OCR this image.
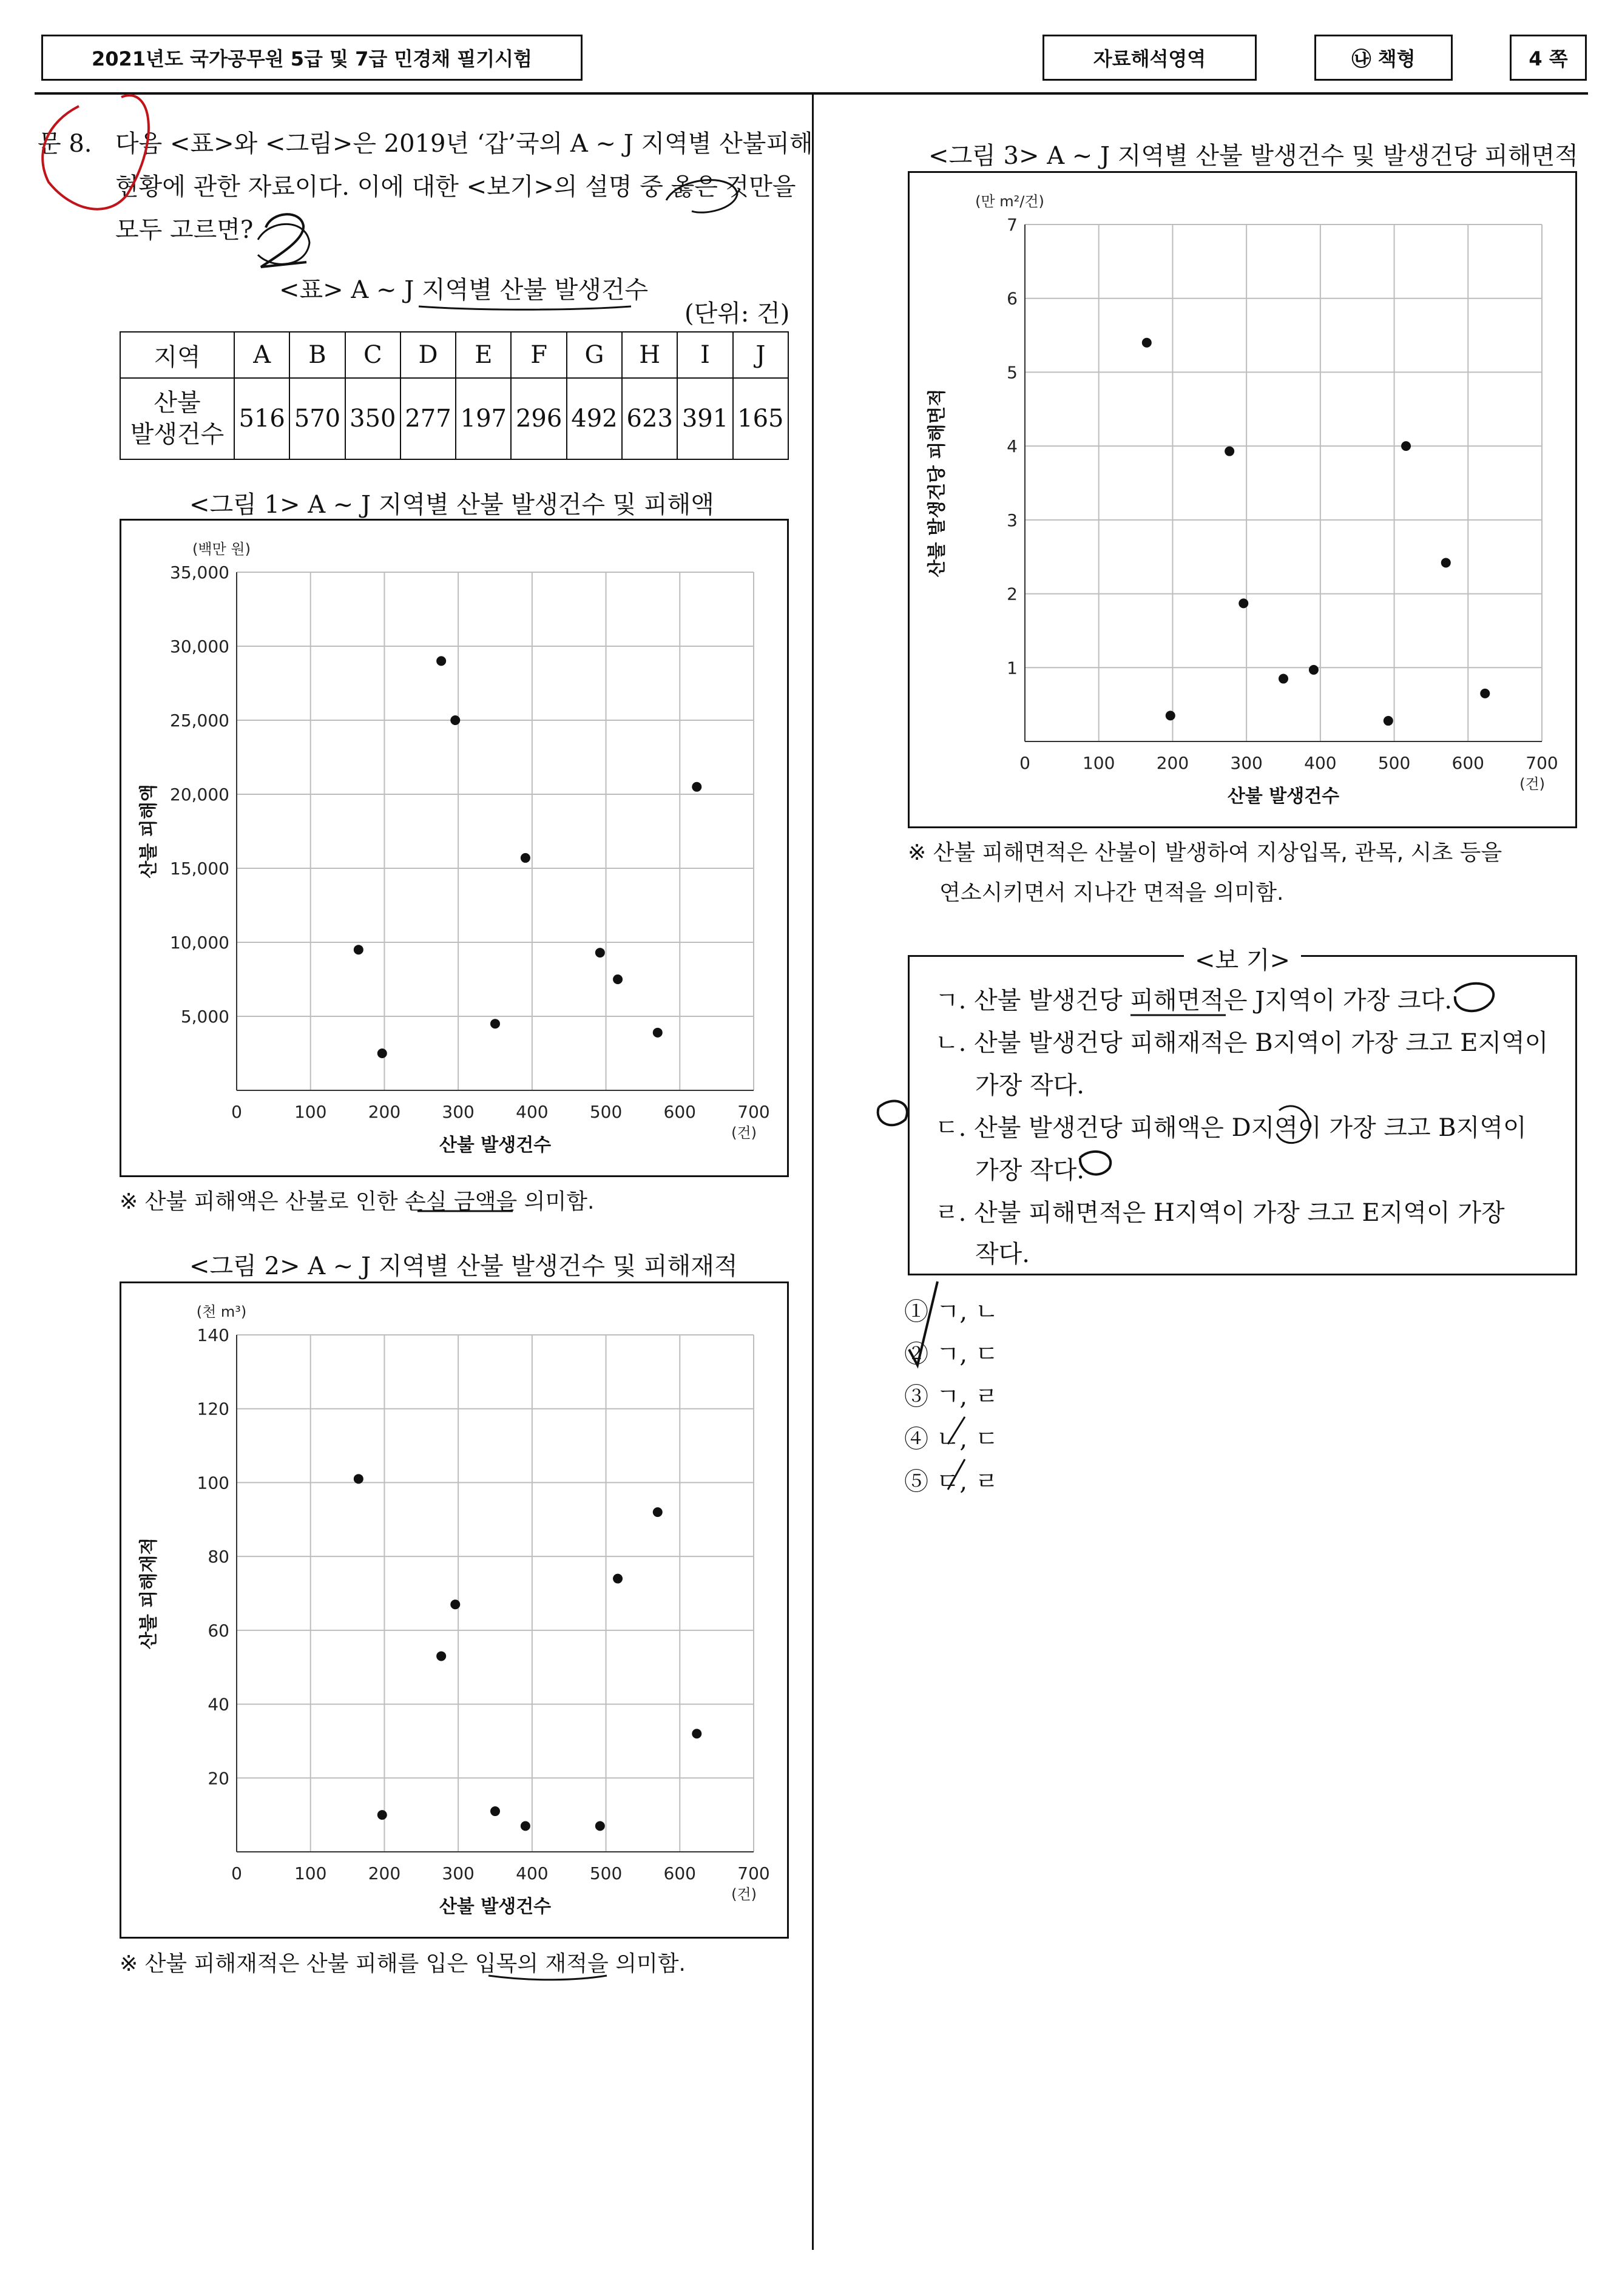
2021년도 국가공무원 5급 및 7급 민경채 필기시험	자료해석영역	㉯ 책형	4 쪽
문 8. 다음 <표>와 <그림>은 2019년 ‘갑’국의 A ~ J 지역별 산불피해
현황에 관한 자료이다. 이에 대한 <보기>의 설명 중 옳은 것만을
모두 고르면?
<표> A ~ J 지역별 산불 발생건수
(단위: 건)
지역	A	B	C	D	E	F	G	H	I	J
산불
발생건수	516	570	350	277	197	296	492	623	391	165
<그림 1> A ~ J 지역별 산불 발생건수 및 피해액
0	100 200 300 400 500 600 700
5,000
10,000
15,000
20,000
25,000
30,000
35,000
(백만 원)
(건)
산불 발생건수
산불 피해액
※ 산불 피해액은 산불로 인한 손실 금액을 의미함.
<그림 2> A ~ J 지역별 산불 발생건수 및 피해재적
0	100 200 300 400 500 600 700
20
40
60
80
100
120
140
(천 m³)
(건)
산불 발생건수
산불 피해재적
※ 산불 피해재적은 산불 피해를 입은 입목의 재적을 의미함.
<그림 3> A ~ J 지역별 산불 발생건수 및 발생건당 피해면적
0	100 200 300 400 500 600 700
1
2
3
4
5
6
7
(만 m²/건)
(건)
산불 발생건수
산불 발생건당 피해면적
※ 산불 피해면적은 산불이 발생하여 지상입목, 관목, 시초 등을
연소시키면서 지나간 면적을 의미함.
<보 기>
ㄱ. 산불 발생건당 피해면적은 J지역이 가장 크다.
ㄴ. 산불 발생건당 피해재적은 B지역이 가장 크고 E지역이
가장 작다.
ㄷ. 산불 발생건당 피해액은 D지역이 가장 크고 B지역이
가장 작다.
ㄹ. 산불 피해면적은 H지역이 가장 크고 E지역이 가장
작다.
① ㄱ, ㄴ
② ㄱ, ㄷ
③ ㄱ, ㄹ
④ ㄴ, ㄷ
⑤ ㄷ, ㄹ
